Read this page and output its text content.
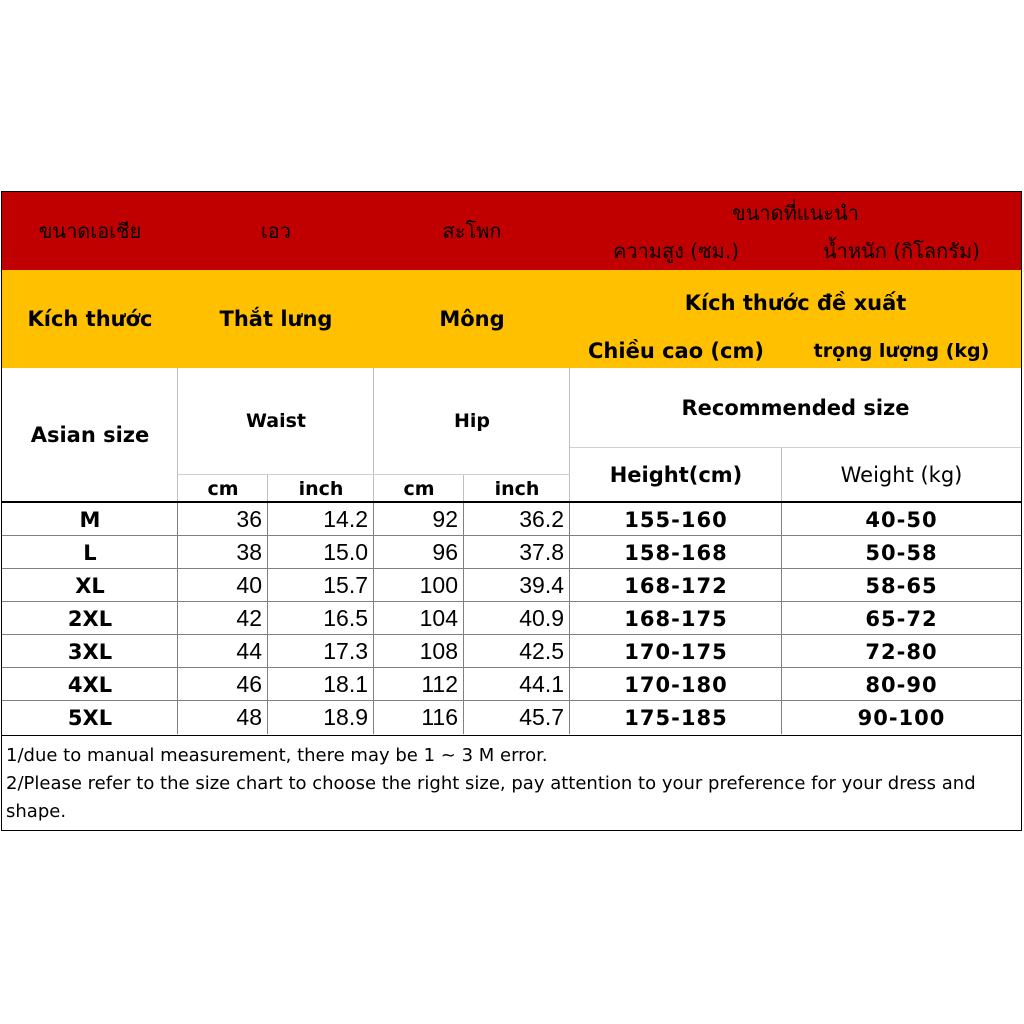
ขนาดเอเชีย	เอว	สะโพก
ขนาดที่แนะนำ
ความสูง (ซม.)	น้ำหนัก (กิโลกรัม)
Kích thước	Thắt lưng	Mông
Kích thước đề xuất
Chiều cao (cm)	trọng lượng (kg)
Asian size
Waist	Hip
Recommended size
Height(cm)	Weight (kg)
cm	inch	cm	inch
M	36	14.2	92	36.2	155-160	40-50
L	38	15.0	96	37.8	158-168	50-58
XL	40	15.7	100	39.4	168-172	58-65
2XL	42	16.5	104	40.9	168-175	65-72
3XL	44	17.3	108	42.5	170-175	72-80
4XL	46	18.1	112	44.1	170-180	80-90
5XL	48	18.9	116	45.7	175-185	90-100
1/due to manual measurement, there may be 1 ~ 3 M error.
2/Please refer to the size chart to choose the right size, pay attention to your preference for your dress and shape.
